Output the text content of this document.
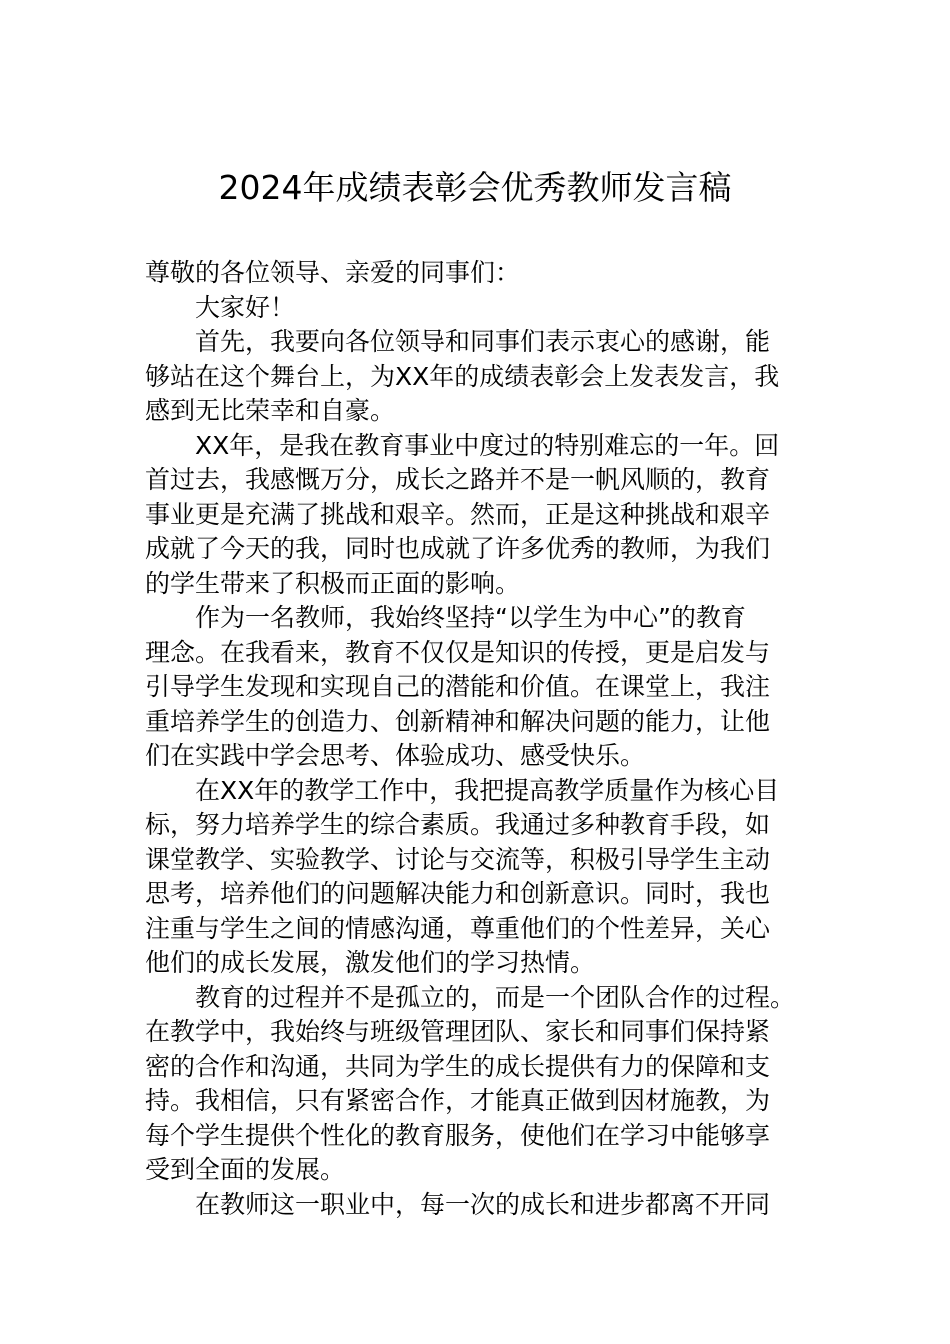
2024年成绩表彰会优秀教师发言稿
尊敬的各位领导、亲爱的同事们：
大家好！
首先，我要向各位领导和同事们表示衷心的感谢，能
够站在这个舞台上，为XX年的成绩表彰会上发表发言，我
感到无比荣幸和自豪。
XX年，是我在教育事业中度过的特别难忘的一年。回
首过去，我感慨万分，成长之路并不是一帆风顺的，教育
事业更是充满了挑战和艰辛。然而，正是这种挑战和艰辛
成就了今天的我，同时也成就了许多优秀的教师，为我们
的学生带来了积极而正面的影响。
作为一名教师，我始终坚持“以学生为中心”的教育
理念。在我看来，教育不仅仅是知识的传授，更是启发与
引导学生发现和实现自己的潜能和价值。在课堂上，我注
重培养学生的创造力、创新精神和解决问题的能力，让他
们在实践中学会思考、体验成功、感受快乐。
在XX年的教学工作中，我把提高教学质量作为核心目
标，努力培养学生的综合素质。我通过多种教育手段，如
课堂教学、实验教学、讨论与交流等，积极引导学生主动
思考，培养他们的问题解决能力和创新意识。同时，我也
注重与学生之间的情感沟通，尊重他们的个性差异，关心
他们的成长发展，激发他们的学习热情。
教育的过程并不是孤立的，而是一个团队合作的过程。
在教学中，我始终与班级管理团队、家长和同事们保持紧
密的合作和沟通，共同为学生的成长提供有力的保障和支
持。我相信，只有紧密合作，才能真正做到因材施教，为
每个学生提供个性化的教育服务，使他们在学习中能够享
受到全面的发展。
在教师这一职业中，每一次的成长和进步都离不开同
